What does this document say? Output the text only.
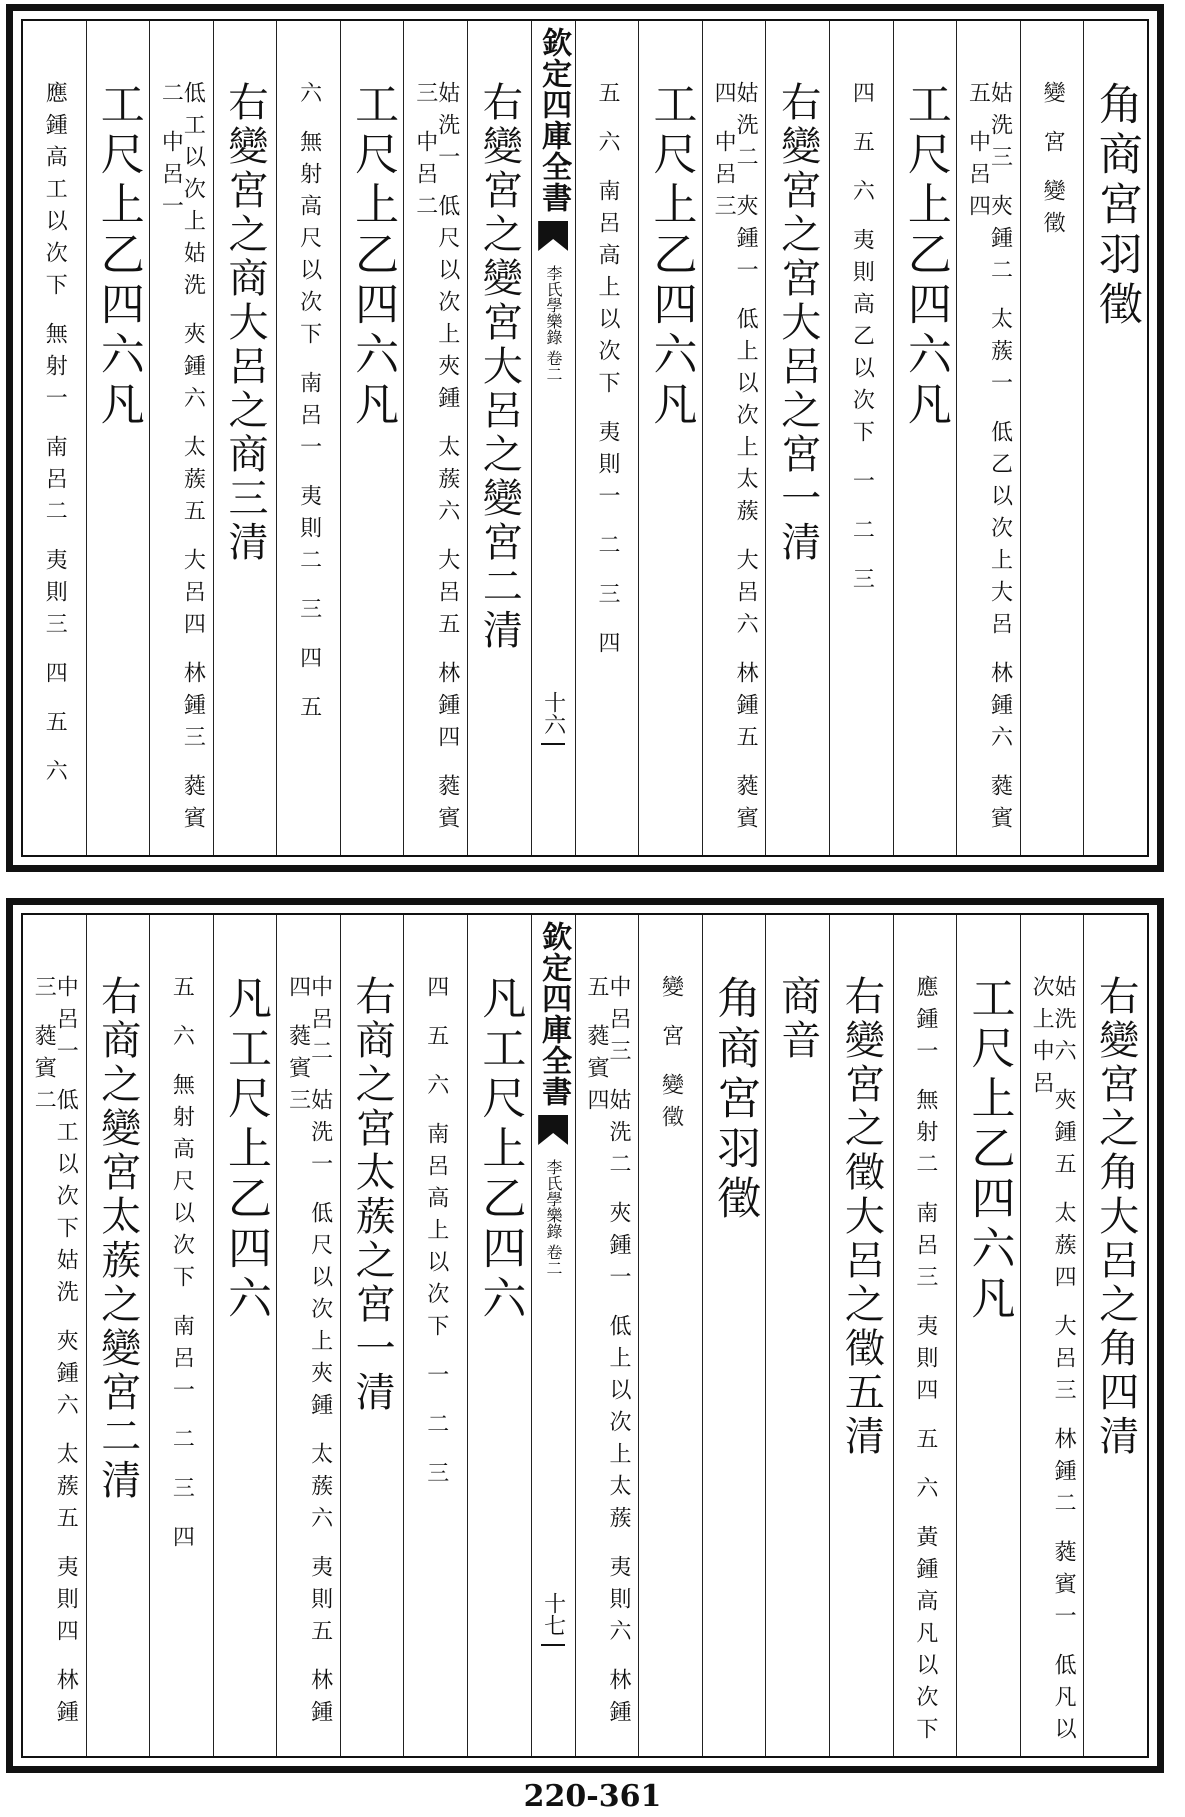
角商宮羽徵
變 宮 變徵
姑洗三 夾鍾二 太蔟一 低乙以次上大呂 林鍾六 蕤賓五 中呂四
工尺上乙四六凡
四 五 六 夷則高乙以次下 一 二 三
右變宮之宮大呂之宮一清
姑洗二 夾鍾一 低上以次上太蔟 大呂六 林鍾五 蕤賓四 中呂三
工尺上乙四六凡
五 六 南呂高上以次下 夷則一 二 三 四
欽定四庫全書
李氏學樂錄 卷二
十六
右變宮之變宮大呂之變宮二清
姑洗一 低尺以次上夾鍾 太蔟六 大呂五 林鍾四 蕤賓三 中呂二
工尺上乙四六凡
六 無射高尺以次下 南呂一 夷則二 三 四 五
右變宮之商大呂之商三清
低工以次上姑洗 夾鍾六 太蔟五 大呂四 林鍾三 蕤賓二 中呂一
工尺上乙四六凡
應鍾高工以次下 無射一 南呂二 夷則三 四 五 六
右變宮之角大呂之角四清
姑洗六 夾鍾五 太蔟四 大呂三 林鍾二 蕤賓一 低凡以次上中呂
工尺上乙四六凡
應鍾一 無射二 南呂三 夷則四 五 六 黃鍾高凡以次下
右變宮之徵大呂之徵五清
商音
角商宮羽徵
變 宮 變徵
中呂三 姑洗二 夾鍾一 低上以次上太蔟 夷則六 林鍾五 蕤賓四
欽定四庫全書
李氏學樂錄 卷二
十七
凡工尺上乙四六
四 五 六 南呂高上以次下 一 二 三
右商之宮太蔟之宮一清
中呂二 姑洗一 低尺以次上夾鍾 太蔟六 夷則五 林鍾四 蕤賓三
凡工尺上乙四六
五 六 無射高尺以次下 南呂一 二 三 四
右商之變宮太蔟之變宮二清
中呂一 低工以次下姑洗 夾鍾六 太蔟五 夷則四 林鍾三 蕤賓二
220-361
